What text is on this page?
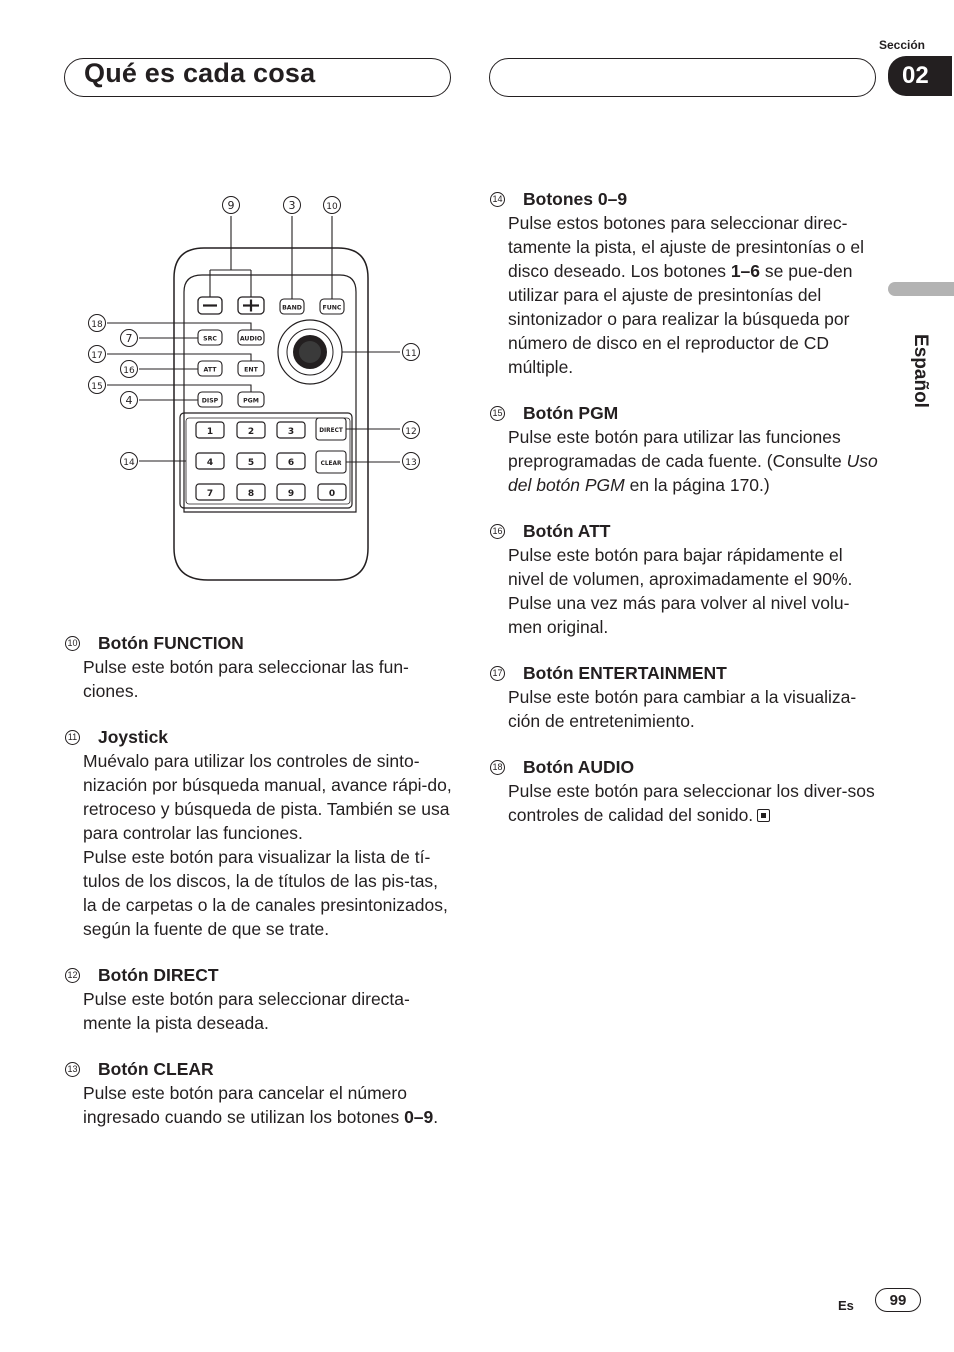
Qué es cada cosa
Sección
02
Español
BAND	FUNC
SRC	AUDIO
ATT	ENT
DISP	PGM
DIRECT
CLEAR
1	2	3
4	5	6
7	8	9	0
9	3	10
18
7
17
16
15
4
14
11
12
13
10 Botón FUNCTION
Pulse este botón para seleccionar las fun-ciones.
11 Joystick
Muévalo para utilizar los controles de sinto-nización por búsqueda manual, avance rápi-do, retroceso y búsqueda de pista. También se usa para controlar las funciones.
Pulse este botón para visualizar la lista de tí-tulos de los discos, la de títulos de las pis-tas, la de carpetas o la de canales presintonizados, según la fuente de que se trate.
12 Botón DIRECT
Pulse este botón para seleccionar directa-mente la pista deseada.
13 Botón CLEAR
Pulse este botón para cancelar el número ingresado cuando se utilizan los botones 0–9.
14 Botones 0–9
Pulse estos botones para seleccionar direc-tamente la pista, el ajuste de presintonías o el disco deseado. Los botones 1–6 se pue-den utilizar para el ajuste de presintonías del sintonizador o para realizar la búsqueda por número de disco en el reproductor de CD múltiple.
15 Botón PGM
Pulse este botón para utilizar las funciones preprogramadas de cada fuente. (Consulte Uso del botón PGM en la página 170.)
16 Botón ATT
Pulse este botón para bajar rápidamente el nivel de volumen, aproximadamente el 90%. Pulse una vez más para volver al nivel volu-men original.
17 Botón ENTERTAINMENT
Pulse este botón para cambiar a la visualiza-ción de entretenimiento.
18 Botón AUDIO
Pulse este botón para seleccionar los diver-sos controles de calidad del sonido.
Es	99
